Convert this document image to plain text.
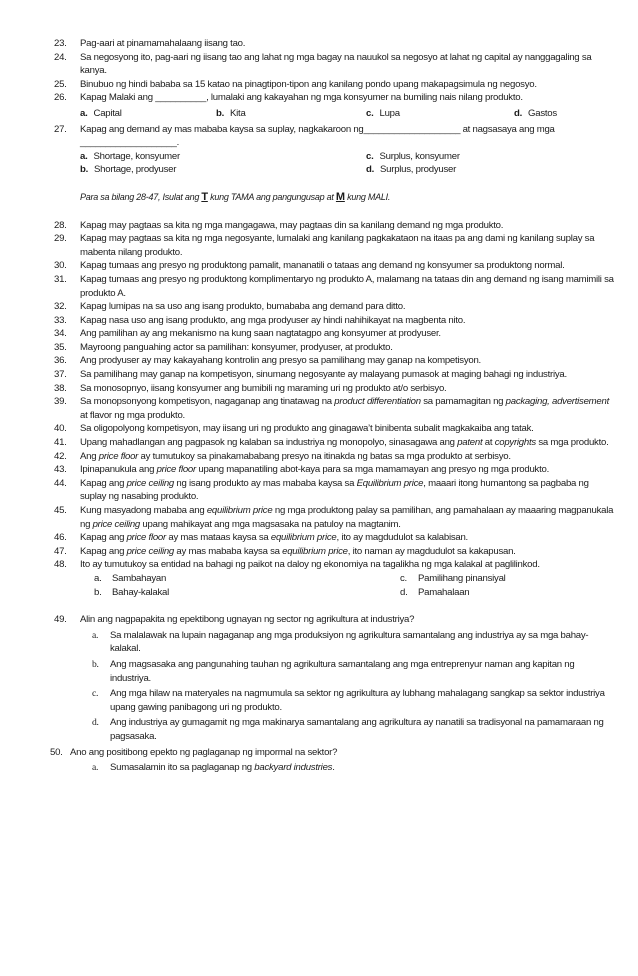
23. Pag-aari at pinamamahalaang iisang tao.
24. Sa negosyong ito, pag-aari ng iisang tao ang lahat ng mga bagay na nauukol sa negosyo at lahat ng capital ay nanggagaling sa kanya.
25. Binubuo ng hindi bababa sa 15 katao na pinagtipon-tipon ang kanilang pondo upang makapagsimula ng negosyo.
26. Kapag Malaki ang __________, lumalaki ang kakayahan ng mga konsyumer na bumiling nais nilang produkto.
a. Capital	b. Kita	c. Lupa	d. Gastos
27. Kapag ang demand ay mas mababa kaysa sa suplay, nagkakaroon ng___________________ at nagsasaya ang mga ___________________.
a. Shortage, konsyumer	c. Surplus, konsyumer
b. Shortage, prodyuser	d. Surplus, prodyuser
Para sa bilang 28-47, Isulat ang T kung TAMA ang pangungusap at M kung MALI.
28. Kapag may pagtaas sa kita ng mga mangagawa, may pagtaas din sa kanilang demand ng mga produkto.
29. Kapag may pagtaas sa kita ng mga negosyante, lumalaki ang kanilang pagkakataon na itaas pa ang dami ng kanilang suplay sa mabenta nilang produkto.
30. Kapag tumaas ang presyo ng produktong pamalit, mananatili o tataas ang demand ng konsyumer sa produktong normal.
31. Kapag tumaas ang presyo ng produktong komplimentaryo ng produkto A, malamang na tataas din ang demand ng isang mamimili sa produkto A.
32. Kapag lumipas na sa uso ang isang produkto, bumababa ang demand para ditto.
33. Kapag nasa uso ang isang produkto, ang mga prodyuser ay hindi nahihikayat na magbenta nito.
34. Ang pamilihan ay ang mekanismo na kung saan nagtatagpo ang konsyumer at prodyuser.
35. Mayroong panguahing actor sa pamilihan: konsyumer, prodyuser, at produkto.
36. Ang prodyuser ay may kakayahang kontrolin ang presyo sa pamilihang may ganap na kompetisyon.
37. Sa pamilihang may ganap na kompetisyon, sinumang negosyante ay malayang pumasok at maging bahagi ng industriya.
38. Sa monosopnyo, iisang konsyumer ang bumibili ng maraming uri ng produkto at/o serbisyo.
39. Sa monopsonyong kompetisyon, nagaganap ang tinatawag na product differentiation sa pamamagitan ng packaging, advertisement at flavor ng mga produkto.
40. Sa oligopolyong kompetisyon, may iisang uri ng produkto ang ginagawa’t binibenta subalit magkakaiba ang tatak.
41. Upang mahadlangan ang pagpasok ng kalaban sa industriya ng monopolyo, sinasagawa ang patent at copyrights sa mga produkto.
42. Ang price floor ay tumutukoy sa pinakamababang presyo na itinakda ng batas sa mga produkto at serbisyo.
43. Ipinapanukula ang price floor upang mapanatiling abot-kaya para sa mga mamamayan ang presyo ng mga produkto.
44. Kapag ang price ceiling ng isang produkto ay mas mababa kaysa sa Equilibrium price, maaari itong humantong sa pagbaba ng suplay ng nasabing produkto.
45. Kung masyadong mababa ang equilibrium price ng mga produktong palay sa pamilihan, ang pamahalaan ay maaaring magpanukala ng price ceiling upang mahikayat ang mga magsasaka na patuloy na magtanim.
46. Kapag ang price floor ay mas mataas kaysa sa equilibrium price, ito ay magdudulot sa kalabisan.
47. Kapag ang price ceiling ay mas mababa kaysa sa equilibrium price, ito naman ay magdudulot sa kakapusan.
48. Ito ay tumutukoy sa entidad na bahagi ng paikot na daloy ng ekonomiya na tagalikha ng mga kalakal at paglilinkod.
a. Sambahayan	c. Pamilihang pinansiyal
b. Bahay-kalakal	d. Pamahalaan
49. Alin ang nagpapakita ng epektibong ugnayan ng sector ng agrikultura at industriya?
a. Sa malalawak na lupain nagaganap ang mga produksiyon ng agrikultura samantalang ang industriya ay sa mga bahay-kalakal.
b. Ang magsasaka ang pangunahing tauhan ng agrikultura samantalang ang mga entreprenyur naman ang kapitan ng industriya.
c. Ang mga hilaw na materyales na nagmumula sa sektor ng agrikultura ay lubhang mahalagang sangkap sa sektor industriya upang gawing panibagong uri ng produkto.
d. Ang industriya ay gumagamit ng mga makinarya samantalang ang agrikultura ay nanatili sa tradisyonal na pamamaraan ng pagsasaka.
50. Ano ang positibong epekto ng paglaganap ng impormal na sektor?
a. Sumasalamin ito sa paglaganap ng backyard industries.
